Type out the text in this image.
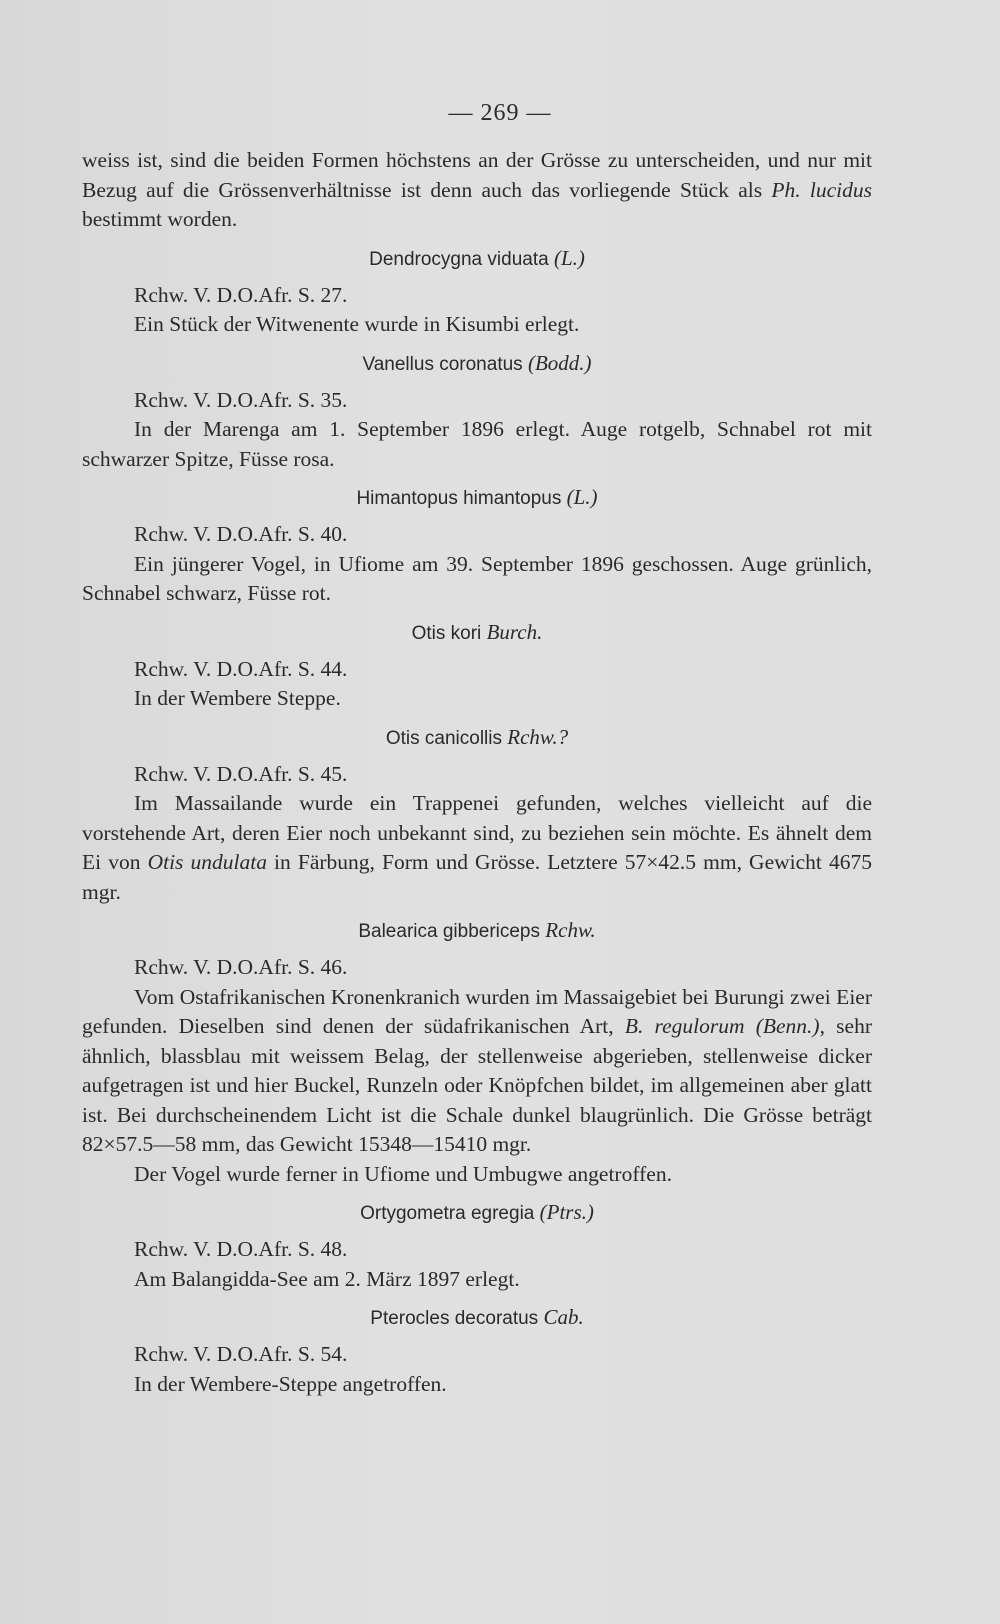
— 269 —

weiss ist, sind die beiden Formen höchstens an der Grösse zu unterscheiden, und nur mit Bezug auf die Grössenverhältnisse ist denn auch das vorliegende Stück als Ph. lucidus bestimmt worden.

Dendrocygna viduata (L.)

Rchw. V. D.O.Afr. S. 27.

Ein Stück der Witwenente wurde in Kisumbi erlegt.

Vanellus coronatus (Bodd.)

Rchw. V. D.O.Afr. S. 35.

In der Marenga am 1. September 1896 erlegt. Auge rotgelb, Schnabel rot mit schwarzer Spitze, Füsse rosa.

Himantopus himantopus (L.)

Rchw. V. D.O.Afr. S. 40.

Ein jüngerer Vogel, in Ufiome am 39. September 1896 geschossen. Auge grünlich, Schnabel schwarz, Füsse rot.

Otis kori Burch.

Rchw. V. D.O.Afr. S. 44.

In der Wembere Steppe.

Otis canicollis Rchw.?

Rchw. V. D.O.Afr. S. 45.

Im Massailande wurde ein Trappenei gefunden, welches vielleicht auf die vorstehende Art, deren Eier noch unbekannt sind, zu beziehen sein möchte. Es ähnelt dem Ei von Otis undulata in Färbung, Form und Grösse. Letztere 57×42.5 mm, Gewicht 4675 mgr.

Balearica gibbericeps Rchw.

Rchw. V. D.O.Afr. S. 46.

Vom Ostafrikanischen Kronenkranich wurden im Massaigebiet bei Burungi zwei Eier gefunden. Dieselben sind denen der südafrikanischen Art, B. regulorum (Benn.), sehr ähnlich, blassblau mit weissem Belag, der stellenweise abgerieben, stellenweise dicker aufgetragen ist und hier Buckel, Runzeln oder Knöpfchen bildet, im allgemeinen aber glatt ist. Bei durchscheinendem Licht ist die Schale dunkel blaugrünlich. Die Grösse beträgt 82×57.5—58 mm, das Gewicht 15348—15410 mgr.

Der Vogel wurde ferner in Ufiome und Umbugwe angetroffen.

Ortygometra egregia (Ptrs.)

Rchw. V. D.O.Afr. S. 48.

Am Balangidda-See am 2. März 1897 erlegt.

Pterocles decoratus Cab.

Rchw. V. D.O.Afr. S. 54.

In der Wembere-Steppe angetroffen.
